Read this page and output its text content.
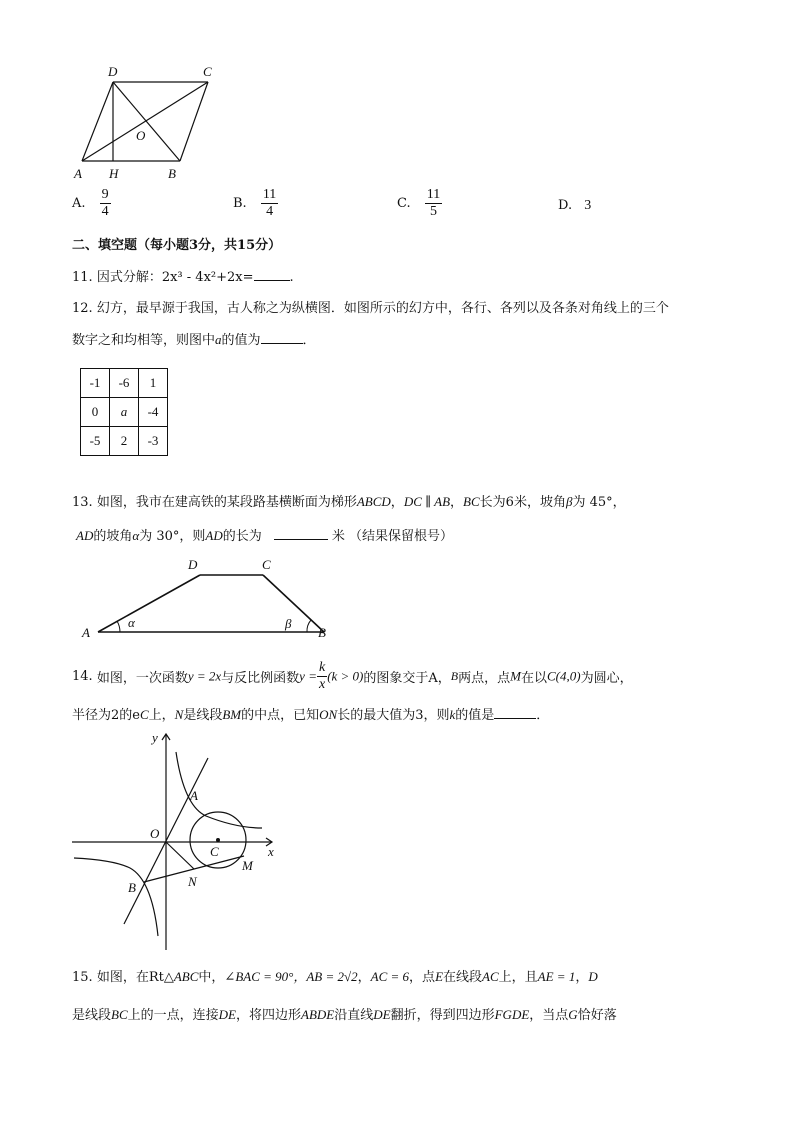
D	C
O
A H	B
A. $\frac{9}{4}$	B. $\frac{11}{4}$	C. $\frac{11}{5}$	D. 3
二、填空题（每小题3分，共15分）
11. 因式分解：2x³ - 4x²+2x=	.
12. 幻方，最早源于我国，古人称之为纵横图．如图所示的幻方中，各行、各列以及各条对角线上的三个
数字之和均相等，则图中a的值为	．
-1	-6	1
0	a	-4
-5	2	-3
13. 如图，我市在建高铁的某段路基横断面为梯形ABCD，DC ∥ AB，BC长为6米，坡角β为 45°，
AD的坡角α为 30°，则AD的长为	米 （结果保留根号）
D	C
A	B
α	β
14. 如图，一次函数y = 2x与反比例函数$y = \frac{k}{x} (k > 0)$的图象交于A，B两点，点M在以C(4,0)为圆心，
半径为2的eC上，N是线段BM的中点，已知ON长的最大值为3，则k的值是	．
y
x
O
A
B
C
M
N
15. 如图，在Rt△ABC中，∠BAC = 90°，AB = 2√2，AC = 6，点E在线段AC上，且AE = 1，D
是线段BC上的一点，连接DE，将四边形ABDE沿直线DE翻折，得到四边形FGDE，当点G恰好落
